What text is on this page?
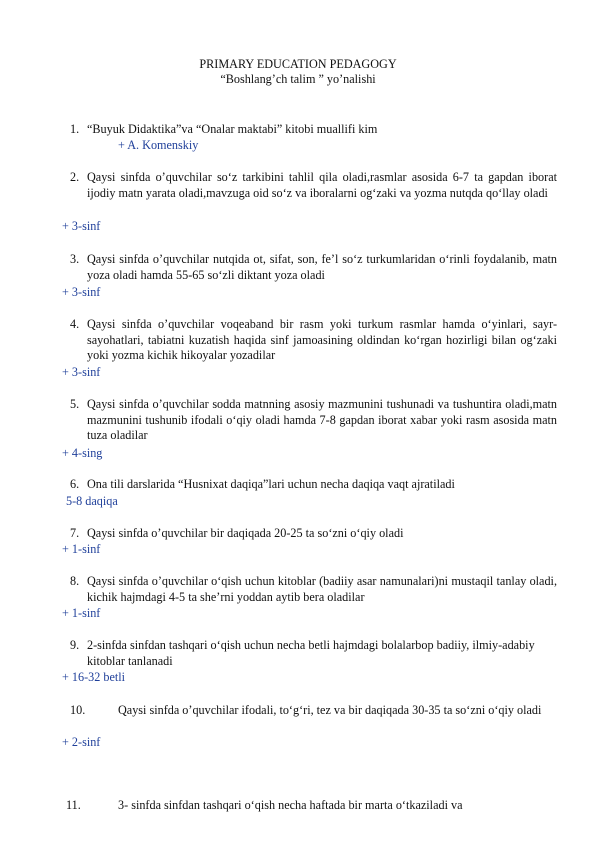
PRIMARY EDUCATION PEDAGOGY
“Boshlang’ch talim ” yo’nalishi
1. “Buyuk Didaktika”va “Onalar maktabi” kitobi muallifi kim
+ A. Komenskiy
2. Qaysi sinfda o’quvchilar so‘z tarkibini tahlil qila oladi,rasmlar asosida 6-7 ta gapdan iborat ijodiy matn yarata oladi,mavzuga oid so‘z va iboralarni og‘zaki va yozma nutqda qo‘llay oladi
+ 3-sinf
3. Qaysi sinfda o’quvchilar nutqida ot, sifat, son, fe’l so‘z turkumlaridan o‘rinli foydalanib, matn yoza oladi hamda 55-65 so‘zli diktant yoza oladi
+ 3-sinf
4. Qaysi sinfda o’quvchilar voqeaband bir rasm yoki turkum rasmlar hamda o‘yinlari, sayr-sayohatlari, tabiatni kuzatish haqida sinf jamoasining oldindan ko‘rgan hozirligi bilan og‘zaki yoki yozma kichik hikoyalar yozadilar
+ 3-sinf
5. Qaysi sinfda o’quvchilar sodda matnning asosiy mazmunini tushunadi va tushuntira oladi,matn mazmunini tushunib ifodali o‘qiy oladi hamda 7-8 gapdan iborat xabar yoki rasm asosida matn tuza oladilar
+ 4-sing
6. Ona tili darslarida “Husnixat daqiqa”lari uchun necha daqiqa vaqt ajratiladi
5-8 daqiqa
7. Qaysi sinfda o’quvchilar bir daqiqada 20-25 ta so‘zni o‘qiy oladi
+ 1-sinf
8. Qaysi sinfda o’quvchilar o‘qish uchun kitoblar (badiiy asar namunalari)ni mustaqil tanlay oladi, kichik hajmdagi 4-5 ta she’rni yoddan aytib bera oladilar
+ 1-sinf
9. 2-sinfda sinfdan tashqari o‘qish uchun necha betli hajmdagi bolalarbop badiiy, ilmiy-adabiy kitoblar tanlanadi
+ 16-32 betli
10.	Qaysi sinfda o’quvchilar ifodali, to‘g‘ri, tez va bir daqiqada 30-35 ta so‘zni o‘qiy oladi
+ 2-sinf
11.	3- sinfda sinfdan tashqari o‘qish necha haftada bir marta o‘tkaziladi va
